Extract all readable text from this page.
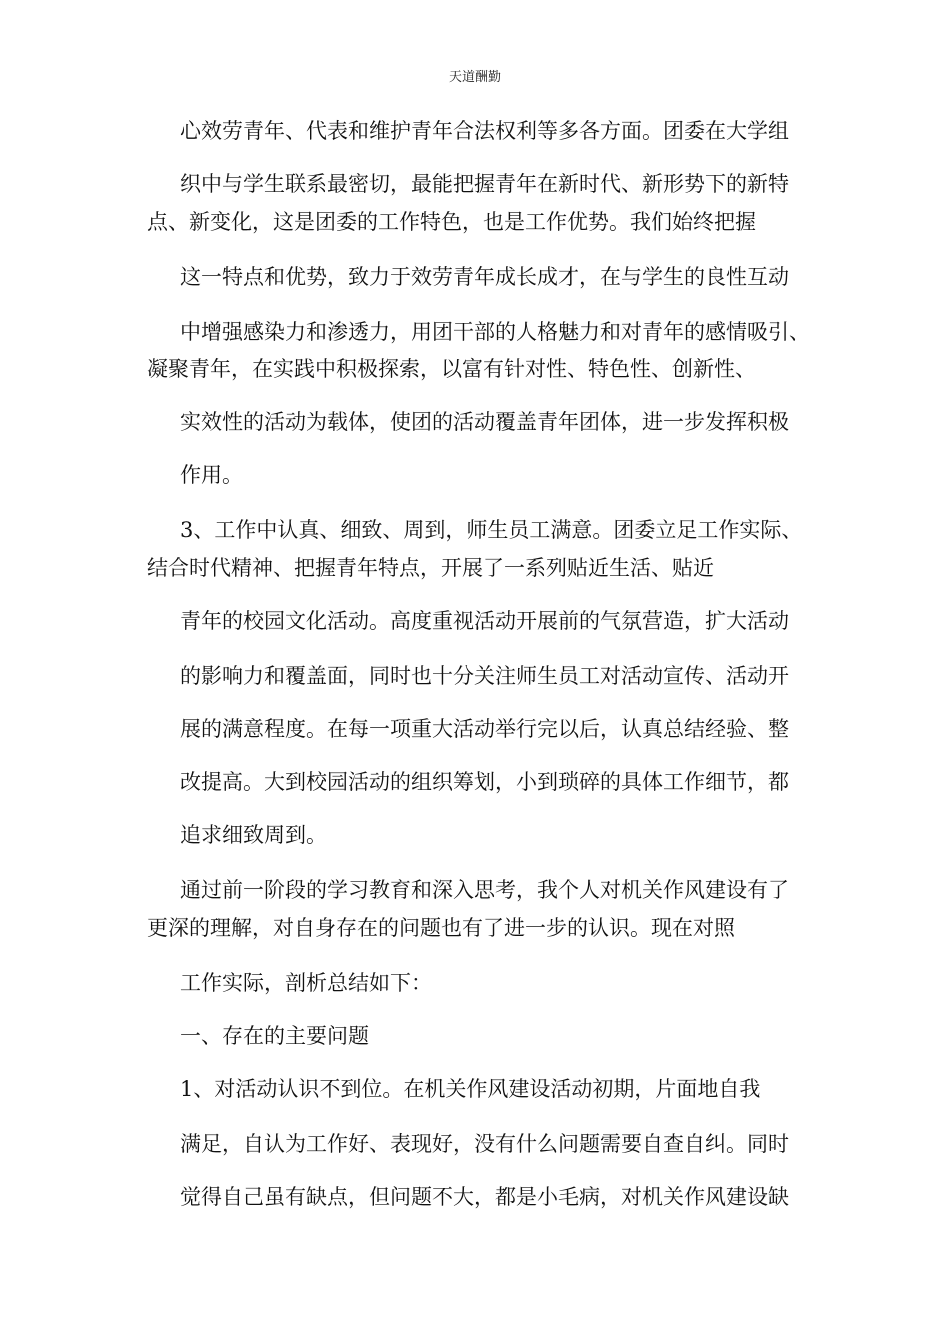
天道酬勤
心效劳青年、代表和维护青年合法权利等多各方面。团委在大学组
织中与学生联系最密切，最能把握青年在新时代、新形势下的新特
点、新变化，这是团委的工作特色，也是工作优势。我们始终把握
这一特点和优势，致力于效劳青年成长成才，在与学生的良性互动
中增强感染力和渗透力，用团干部的人格魅力和对青年的感情吸引、
凝聚青年，在实践中积极探索，以富有针对性、特色性、创新性、
实效性的活动为载体，使团的活动覆盖青年团体，进一步发挥积极
作用。
3、工作中认真、细致、周到，师生员工满意。团委立足工作实际、
结合时代精神、把握青年特点，开展了一系列贴近生活、贴近
青年的校园文化活动。高度重视活动开展前的气氛营造，扩大活动
的影响力和覆盖面，同时也十分关注师生员工对活动宣传、活动开
展的满意程度。在每一项重大活动举行完以后，认真总结经验、整
改提高。大到校园活动的组织筹划，小到琐碎的具体工作细节，都
追求细致周到。
通过前一阶段的学习教育和深入思考，我个人对机关作风建设有了
更深的理解，对自身存在的问题也有了进一步的认识。现在对照
工作实际，剖析总结如下：
一、存在的主要问题
1、对活动认识不到位。在机关作风建设活动初期，片面地自我
满足，自认为工作好、表现好，没有什么问题需要自查自纠。同时
觉得自己虽有缺点，但问题不大，都是小毛病，对机关作风建设缺
